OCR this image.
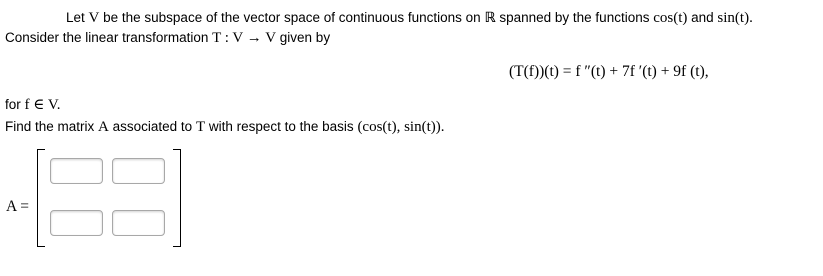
Let V be the subspace of the vector space of continuous functions on ℝ spanned by the functions cos(t) and sin(t).
Consider the linear transformation T : V → V given by
(T(f))(t) = f ″(t) + 7f ′(t) + 9f (t),
for f ∈ V.
Find the matrix A associated to T with respect to the basis (cos(t), sin(t)).
A =
